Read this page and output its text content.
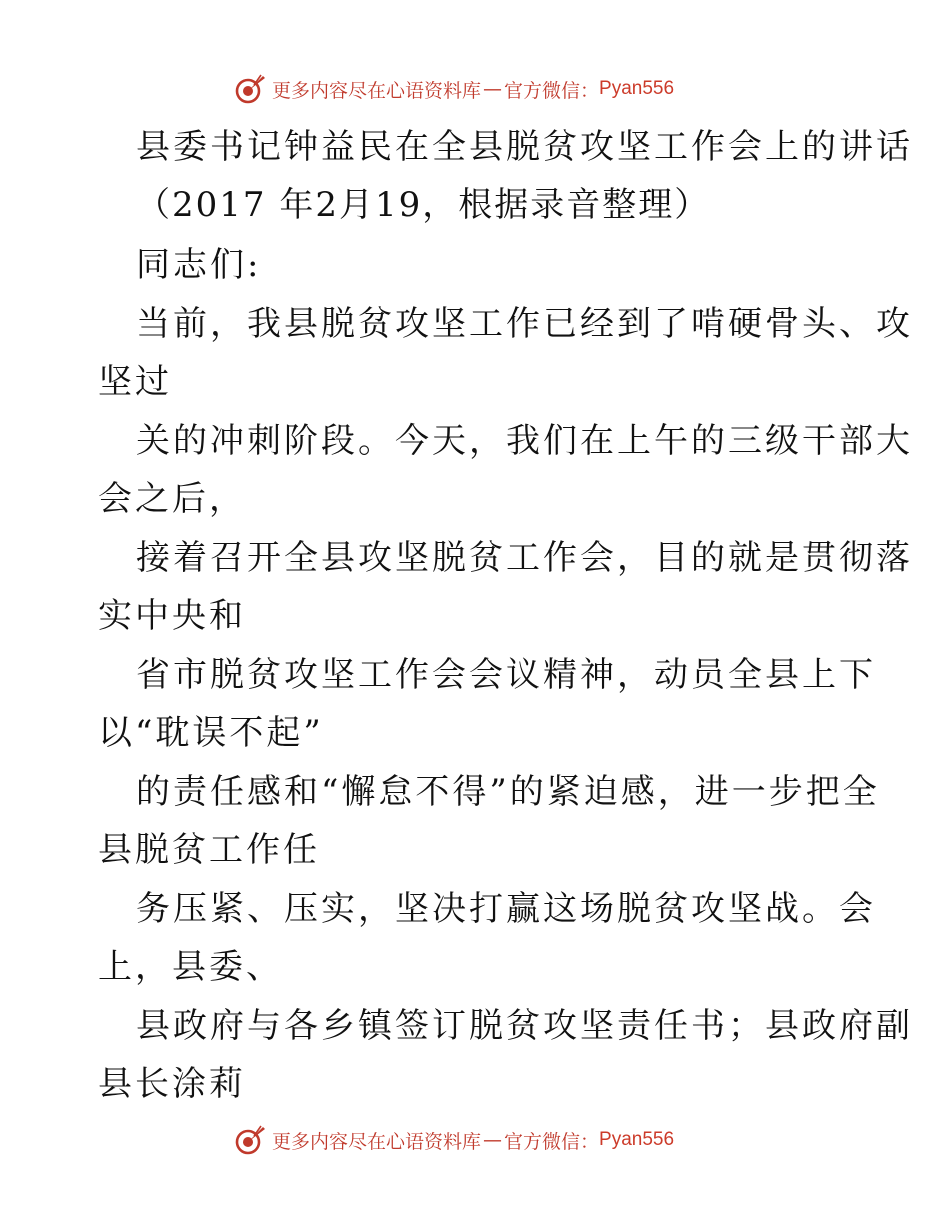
更多内容尽在心语资料库 — 官方微信： Pyan556
县委书记钟益民在全县脱贫攻坚工作会上的讲话
（2017 年2月19，根据录音整理）
同志们:
当前，我县脱贫攻坚工作已经到了啃硬骨头、攻
坚过
关的冲刺阶段。今天，我们在上午的三级干部大
会之后，
接着召开全县攻坚脱贫工作会，目的就是贯彻落
实中央和
省市脱贫攻坚工作会会议精神，动员全县上下
以“耽误不起”
的责任感和“懈怠不得”的紧迫感，进一步把全
县脱贫工作任
务压紧、压实，坚决打赢这场脱贫攻坚战。会
上，县委、
县政府与各乡镇签订脱贫攻坚责任书；县政府副
县长涂莉
更多内容尽在心语资料库 — 官方微信： Pyan556
